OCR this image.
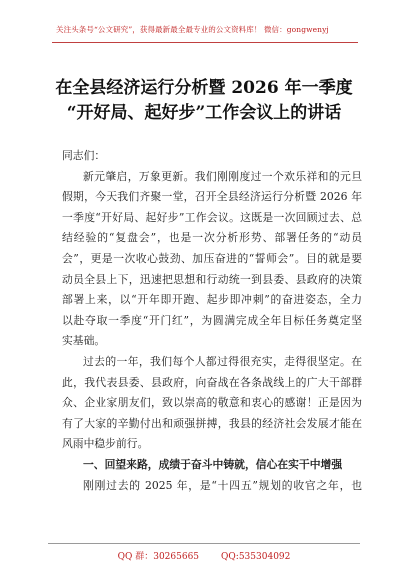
关注头条号“公文研究”，获得最新最全最专业的公文资料库！ 微信：gongwenyj
在全县经济运行分析暨 2026 年一季度
“开好局、起好步”工作会议上的讲话
同志们：

新元肇启，万象更新。我们刚刚度过一个欢乐祥和的元旦
假期，今天我们齐聚一堂，召开全县经济运行分析暨 2026 年
一季度“开好局、起好步”工作会议。这既是一次回顾过去、总
结经验的“复盘会”，也是一次分析形势、部署任务的“动员
会”，更是一次收心鼓劲、加压奋进的“誓师会”。目的就是要
动员全县上下，迅速把思想和行动统一到县委、县政府的决策
部署上来，以“开年即开跑、起步即冲刺”的奋进姿态，全力
以赴夺取一季度“开门红”，为圆满完成全年目标任务奠定坚
实基础。

过去的一年，我们每个人都过得很充实，走得很坚定。在
此，我代表县委、县政府，向奋战在各条战线上的广大干部群
众、企业家朋友们，致以崇高的敬意和衷心的感谢！正是因为
有了大家的辛勤付出和顽强拼搏，我县的经济社会发展才能在
风雨中稳步前行。

一、回望来路，成绩于奋斗中铸就，信心在实干中增强

刚刚过去的 2025 年，是“十四五”规划的收官之年，也

QQ 群：30265665 QQ:535304092
